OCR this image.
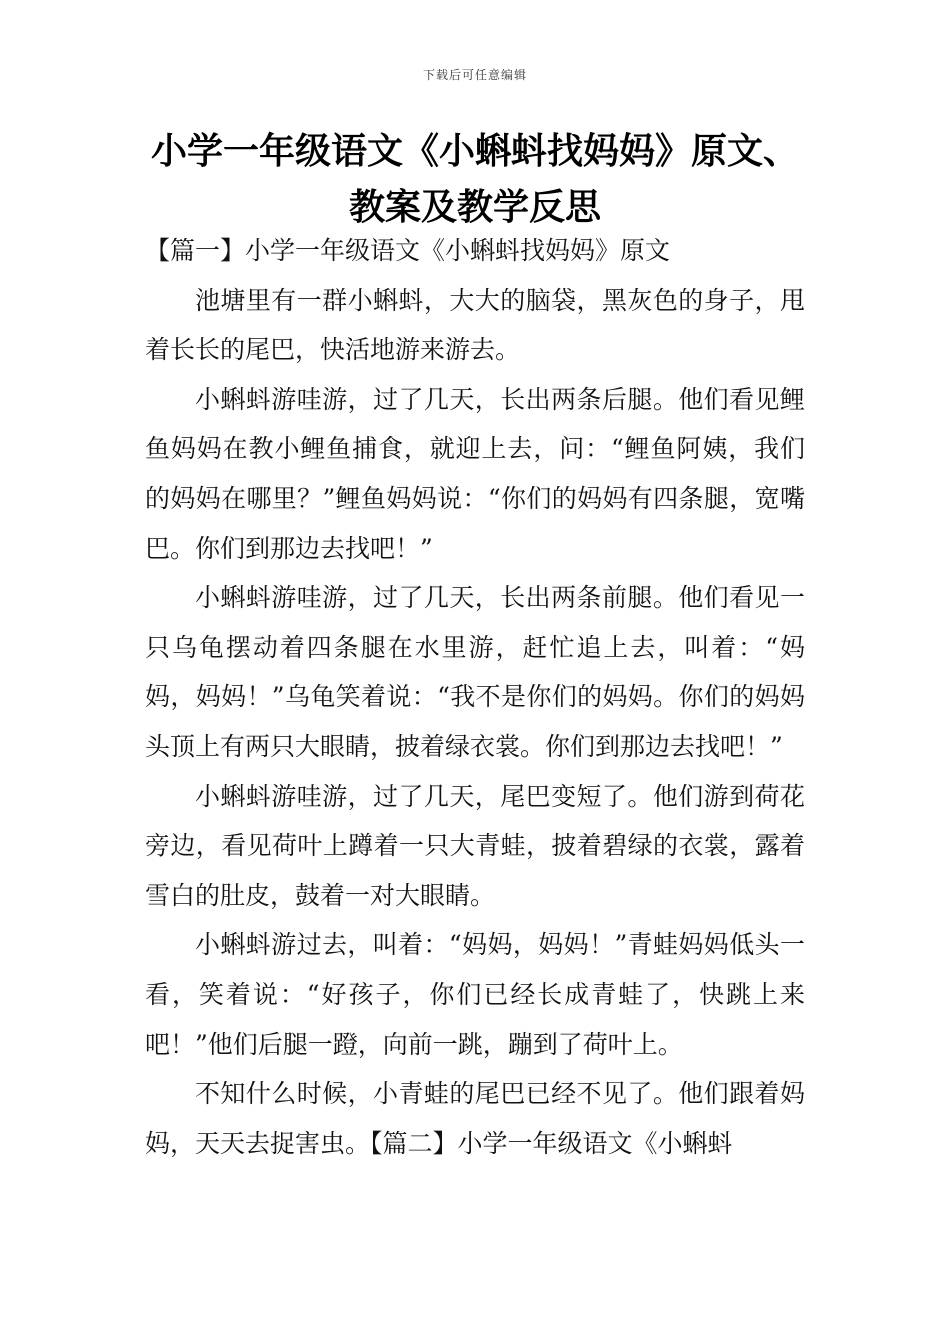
下载后可任意编辑
小学一年级语文《小蝌蚪找妈妈》原文、教案及教学反思

【篇一】小学一年级语文《小蝌蚪找妈妈》原文

池塘里有一群小蝌蚪，大大的脑袋，黑灰色的身子，甩着长长的尾巴，快活地游来游去。

小蝌蚪游哇游，过了几天，长出两条后腿。他们看见鲤鱼妈妈在教小鲤鱼捕食，就迎上去，问：“鲤鱼阿姨，我们的妈妈在哪里？”鲤鱼妈妈说：“你们的妈妈有四条腿，宽嘴巴。你们到那边去找吧！”

小蝌蚪游哇游，过了几天，长出两条前腿。他们看见一只乌龟摆动着四条腿在水里游，赶忙追上去，叫着：“妈妈，妈妈！”乌龟笑着说：“我不是你们的妈妈。你们的妈妈头顶上有两只大眼睛，披着绿衣裳。你们到那边去找吧！”

小蝌蚪游哇游，过了几天，尾巴变短了。他们游到荷花旁边，看见荷叶上蹲着一只大青蛙，披着碧绿的衣裳，露着雪白的肚皮，鼓着一对大眼睛。

小蝌蚪游过去，叫着：“妈妈，妈妈！”青蛙妈妈低头一看，笑着说：“好孩子，你们已经长成青蛙了，快跳上来吧！”他们后腿一蹬，向前一跳，蹦到了荷叶上。

不知什么时候，小青蛙的尾巴已经不见了。他们跟着妈妈，天天去捉害虫。【篇二】小学一年级语文《小蝌蚪
